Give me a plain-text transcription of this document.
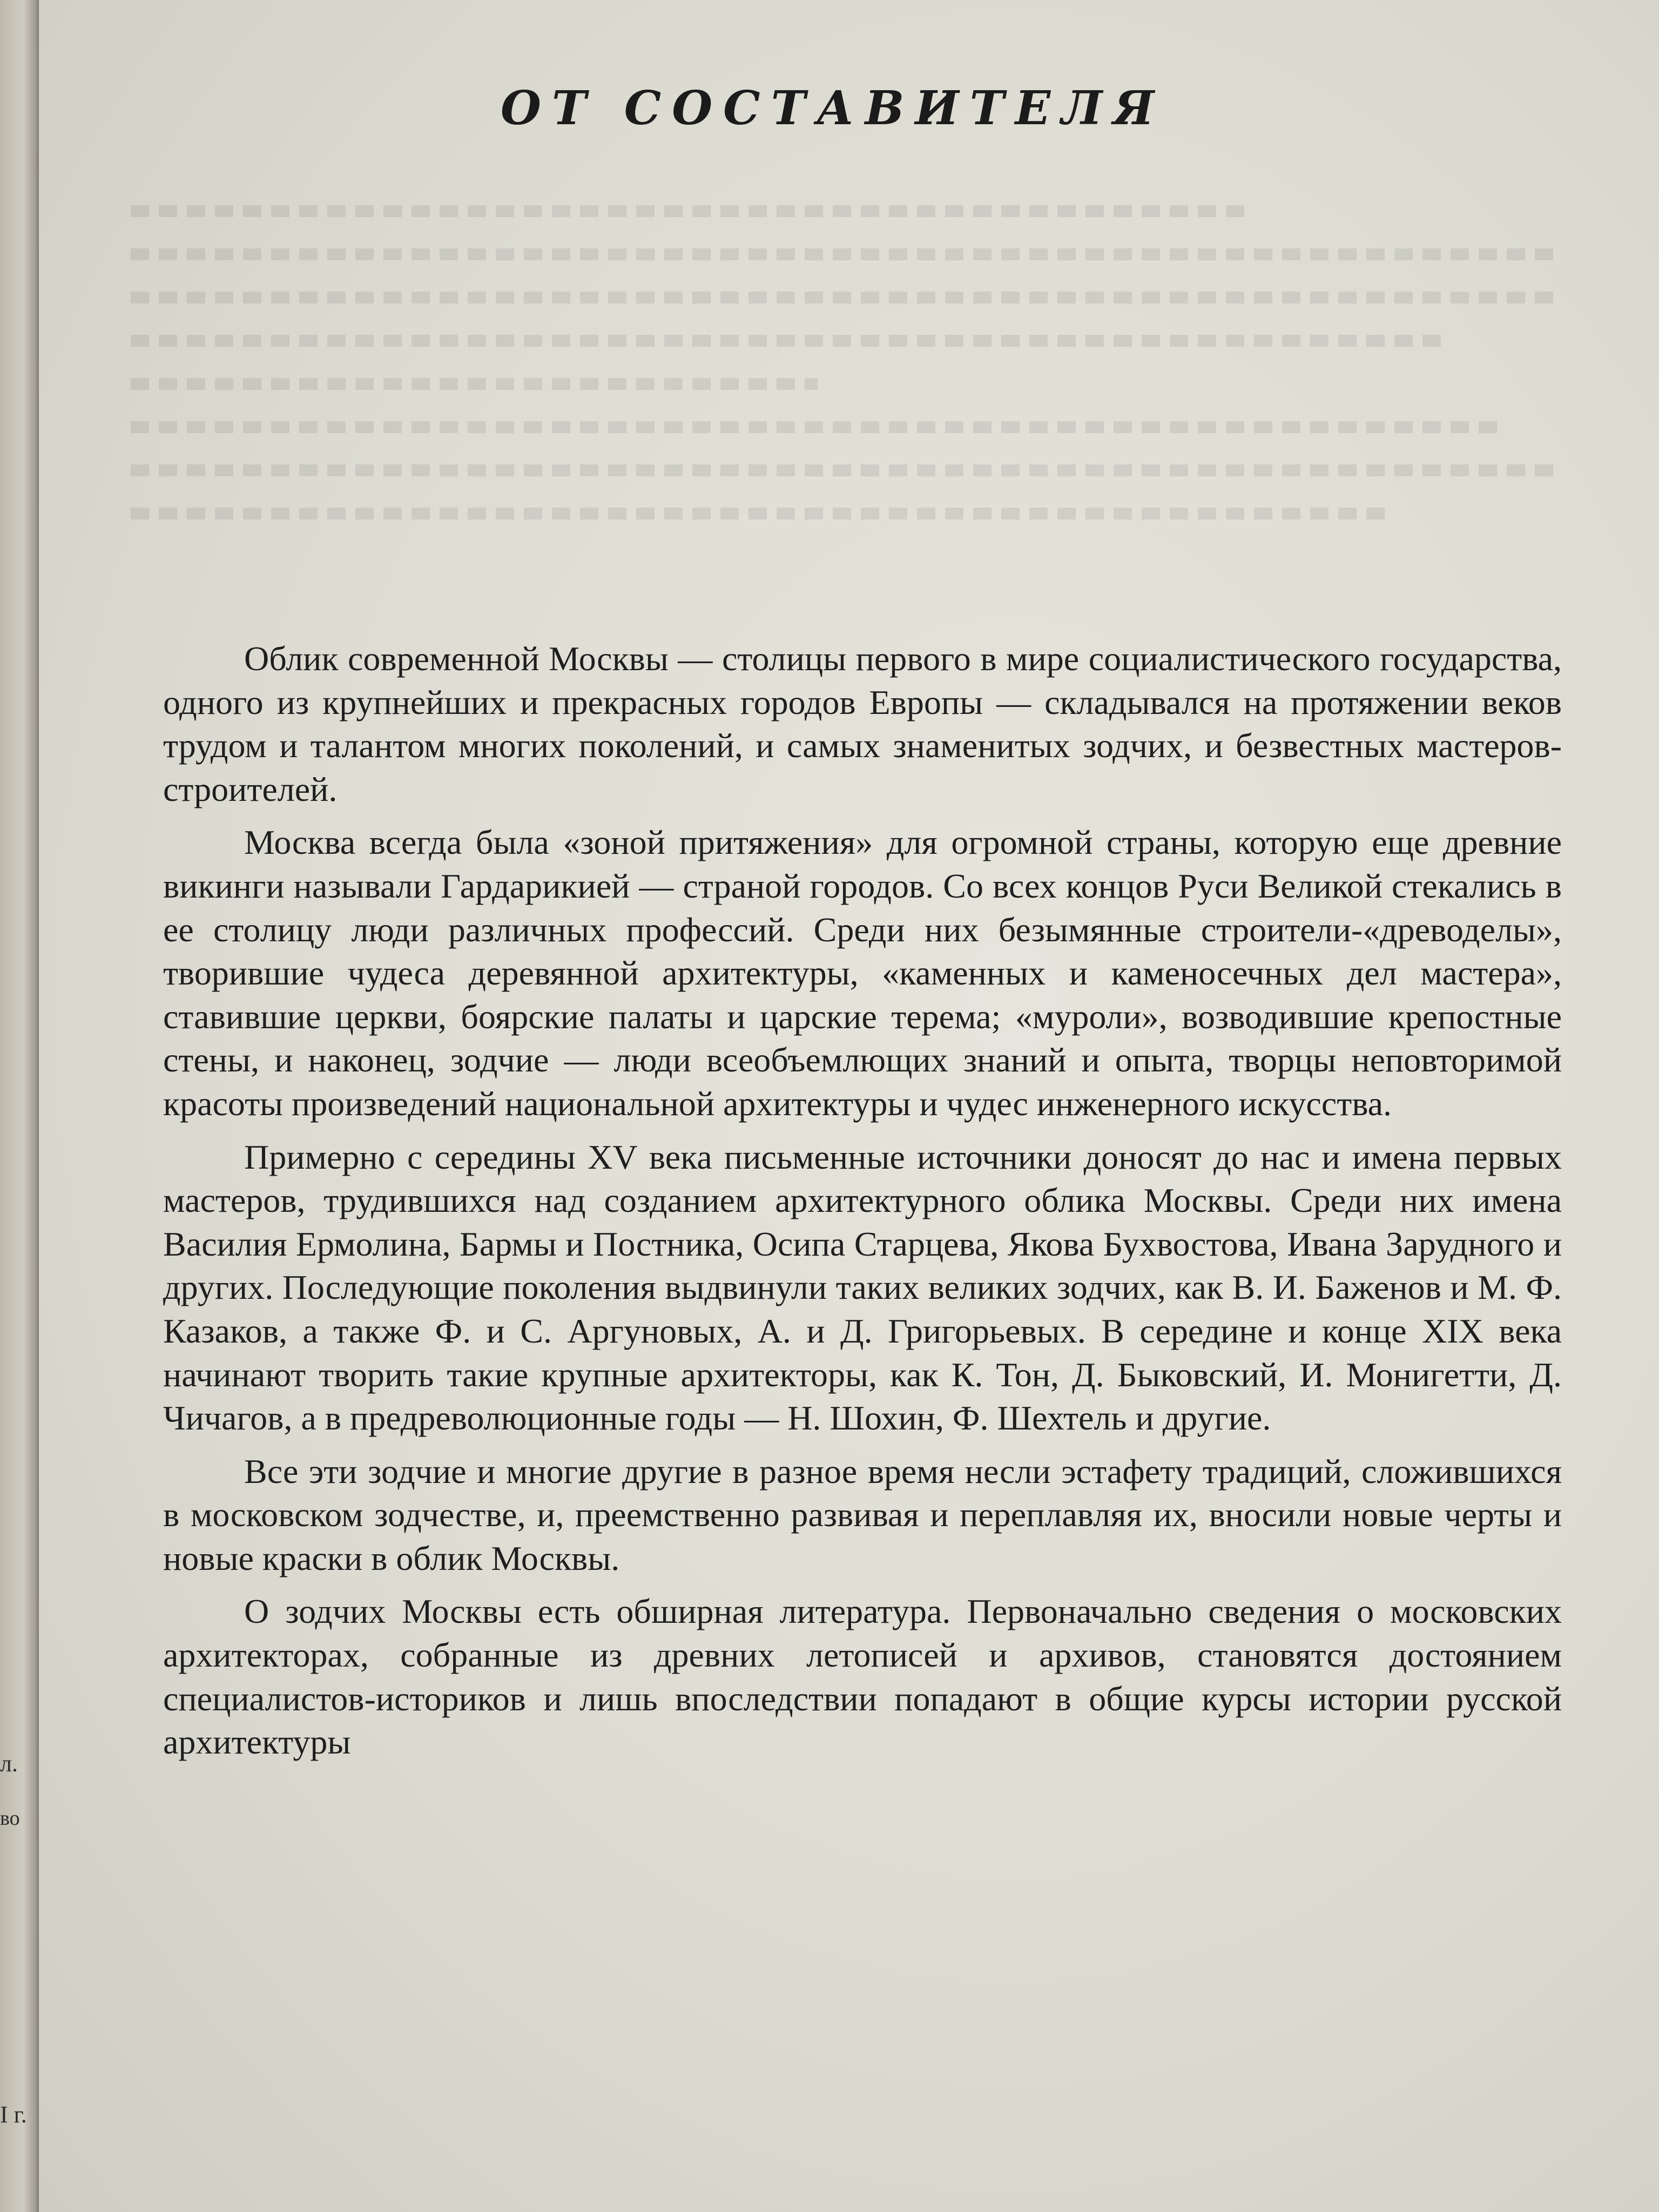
л.
во
I г.
ОТ СОСТАВИТЕЛЯ

Облик современной Москвы — столицы первого в мире социалистического государства, одного из крупнейших и прекрасных городов Европы — складывался на протяжении веков трудом и талантом многих поколений, и самых знаменитых зодчих, и безвестных мастеров-строителей.

Москва всегда была «зоной притяжения» для огромной страны, которую еще древние викинги называли Гардарикией — страной городов. Со всех концов Руси Великой стекались в ее столицу люди различных профессий. Среди них безымянные строители-«древоделы», творившие чудеса деревянной архитектуры, «каменных и каменосечных дел мастера», ставившие церкви, боярские палаты и царские терема; «муроли», возводившие крепостные стены, и наконец, зодчие — люди всеобъемлющих знаний и опыта, творцы неповторимой красоты произведений национальной архитектуры и чудес инженерного искусства.

Примерно с середины XV века письменные источники доносят до нас и имена первых мастеров, трудившихся над созданием архитектурного облика Москвы. Среди них имена Василия Ермолина, Бармы и Постника, Осипа Старцева, Якова Бухвостова, Ивана Зарудного и других. Последующие поколения выдвинули таких великих зодчих, как В. И. Баженов и М. Ф. Казаков, а также Ф. и С. Аргуновых, А. и Д. Григорьевых. В середине и конце XIX века начинают творить такие крупные архитекторы, как К. Тон, Д. Быковский, И. Монигетти, Д. Чичагов, а в предреволюционные годы — Н. Шохин, Ф. Шехтель и другие.

Все эти зодчие и многие другие в разное время несли эстафету традиций, сложившихся в московском зодчестве, и, преемственно развивая и переплавляя их, вносили новые черты и новые краски в облик Москвы.

О зодчих Москвы есть обширная литература. Первоначально сведения о московских архитекторах, собранные из древних летописей и архивов, становятся достоянием специалистов-историков и лишь впоследствии попадают в общие курсы истории русской архитектуры
